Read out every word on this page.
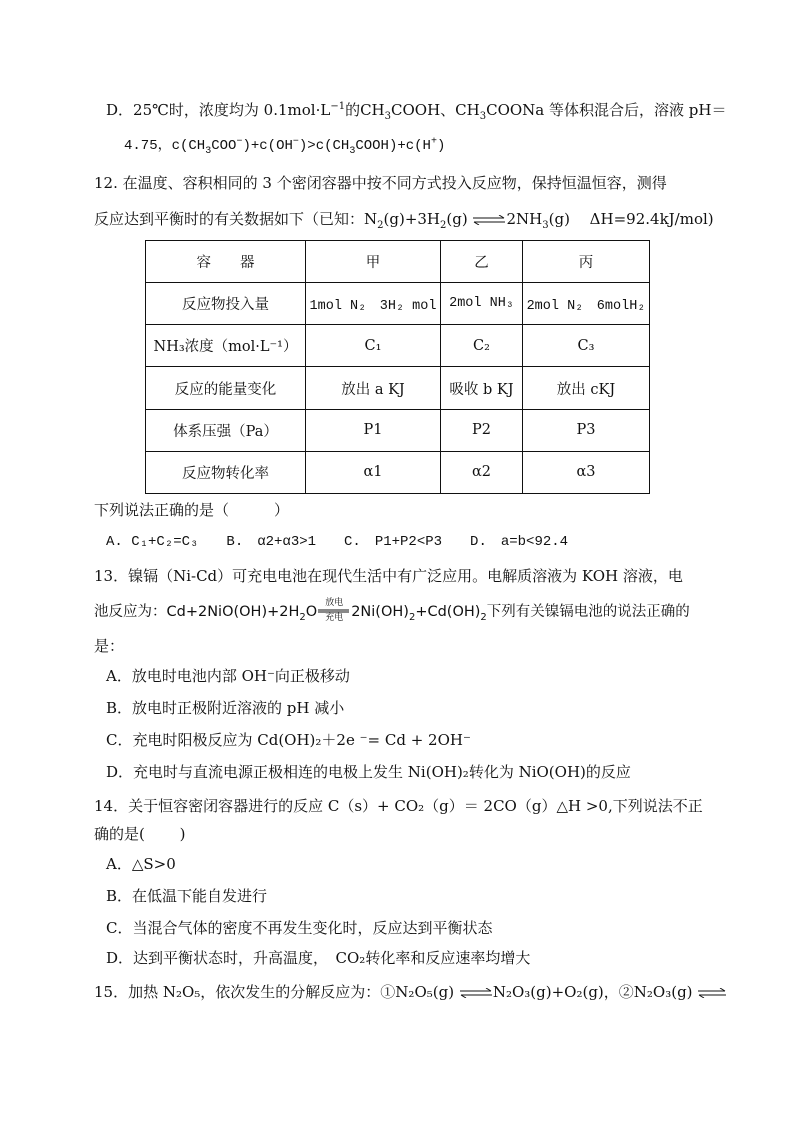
D．25℃时，浓度均为 $0.1mol\cdot L^{-1}$的$CH_3COOH$、$CH_3COONa$ 等体积混合后，溶液 pH＝
4.75，$c(CH_3COO^-)+c(OH^-)>c(CH_3COOH)+c(H^+)$
12. 在温度、容积相同的 3 个密闭容器中按不同方式投入反应物，保持恒温恒容，测得
反应达到平衡时的有关数据如下（已知：$N_2(g)+3H_2(g)$ $\rightleftharpoons 2NH_3(g)$　 ΔH=92.4kJ/mol)
容　　器	甲	乙	丙
反应物投入量	1mol N₂　3H₂ mol	2mol NH₃	2mol N₂　6molH₂
NH₃浓度（mol·L⁻¹）	C₁	C₂	C₃
反应的能量变化	放出 a KJ	吸收 b KJ	放出 cKJ
体系压强（Pa）	P1	P2	P3
反应物转化率	α1	α2	α3
下列说法正确的是（　　　）
A. C₁+C₂=C₃　　B.　α2+α3>1　　C.　P1+P2<P3　　D.　a=b<92.4
13．镍镉（Ni-Cd）可充电电池在现代生活中有广泛应用。电解质溶液为 KOH 溶液，电
池反应为：$Cd+2NiO(OH)+2H_2O$
放电
充电 $2Ni(OH)_2+Cd(OH)_2$下列有关镍镉电池的说法正确的
是：
A．放电时电池内部 OH⁻向正极移动
B．放电时正极附近溶液的 pH 减小
C．充电时阳极反应为 Cd(OH)₂＋2e ⁻= Cd + 2OH⁻
D．充电时与直流电源正极相连的电极上发生 Ni(OH)₂转化为 NiO(OH)的反应
14．关于恒容密闭容器进行的反应 C（s）+ CO₂（g）＝ 2CO（g）△H >0,下列说法不正
确的是(　　 )
A．△S>0
B．在低温下能自发进行
C．当混合气体的密度不再发生变化时，反应达到平衡状态
D．达到平衡状态时，升高温度，　CO₂转化率和反应速率均增大
15．加热 N₂O₅，依次发生的分解反应为：①N₂O₅(g) ⇌N₂O₃(g)+O₂(g)，②N₂O₃(g) ⇌
